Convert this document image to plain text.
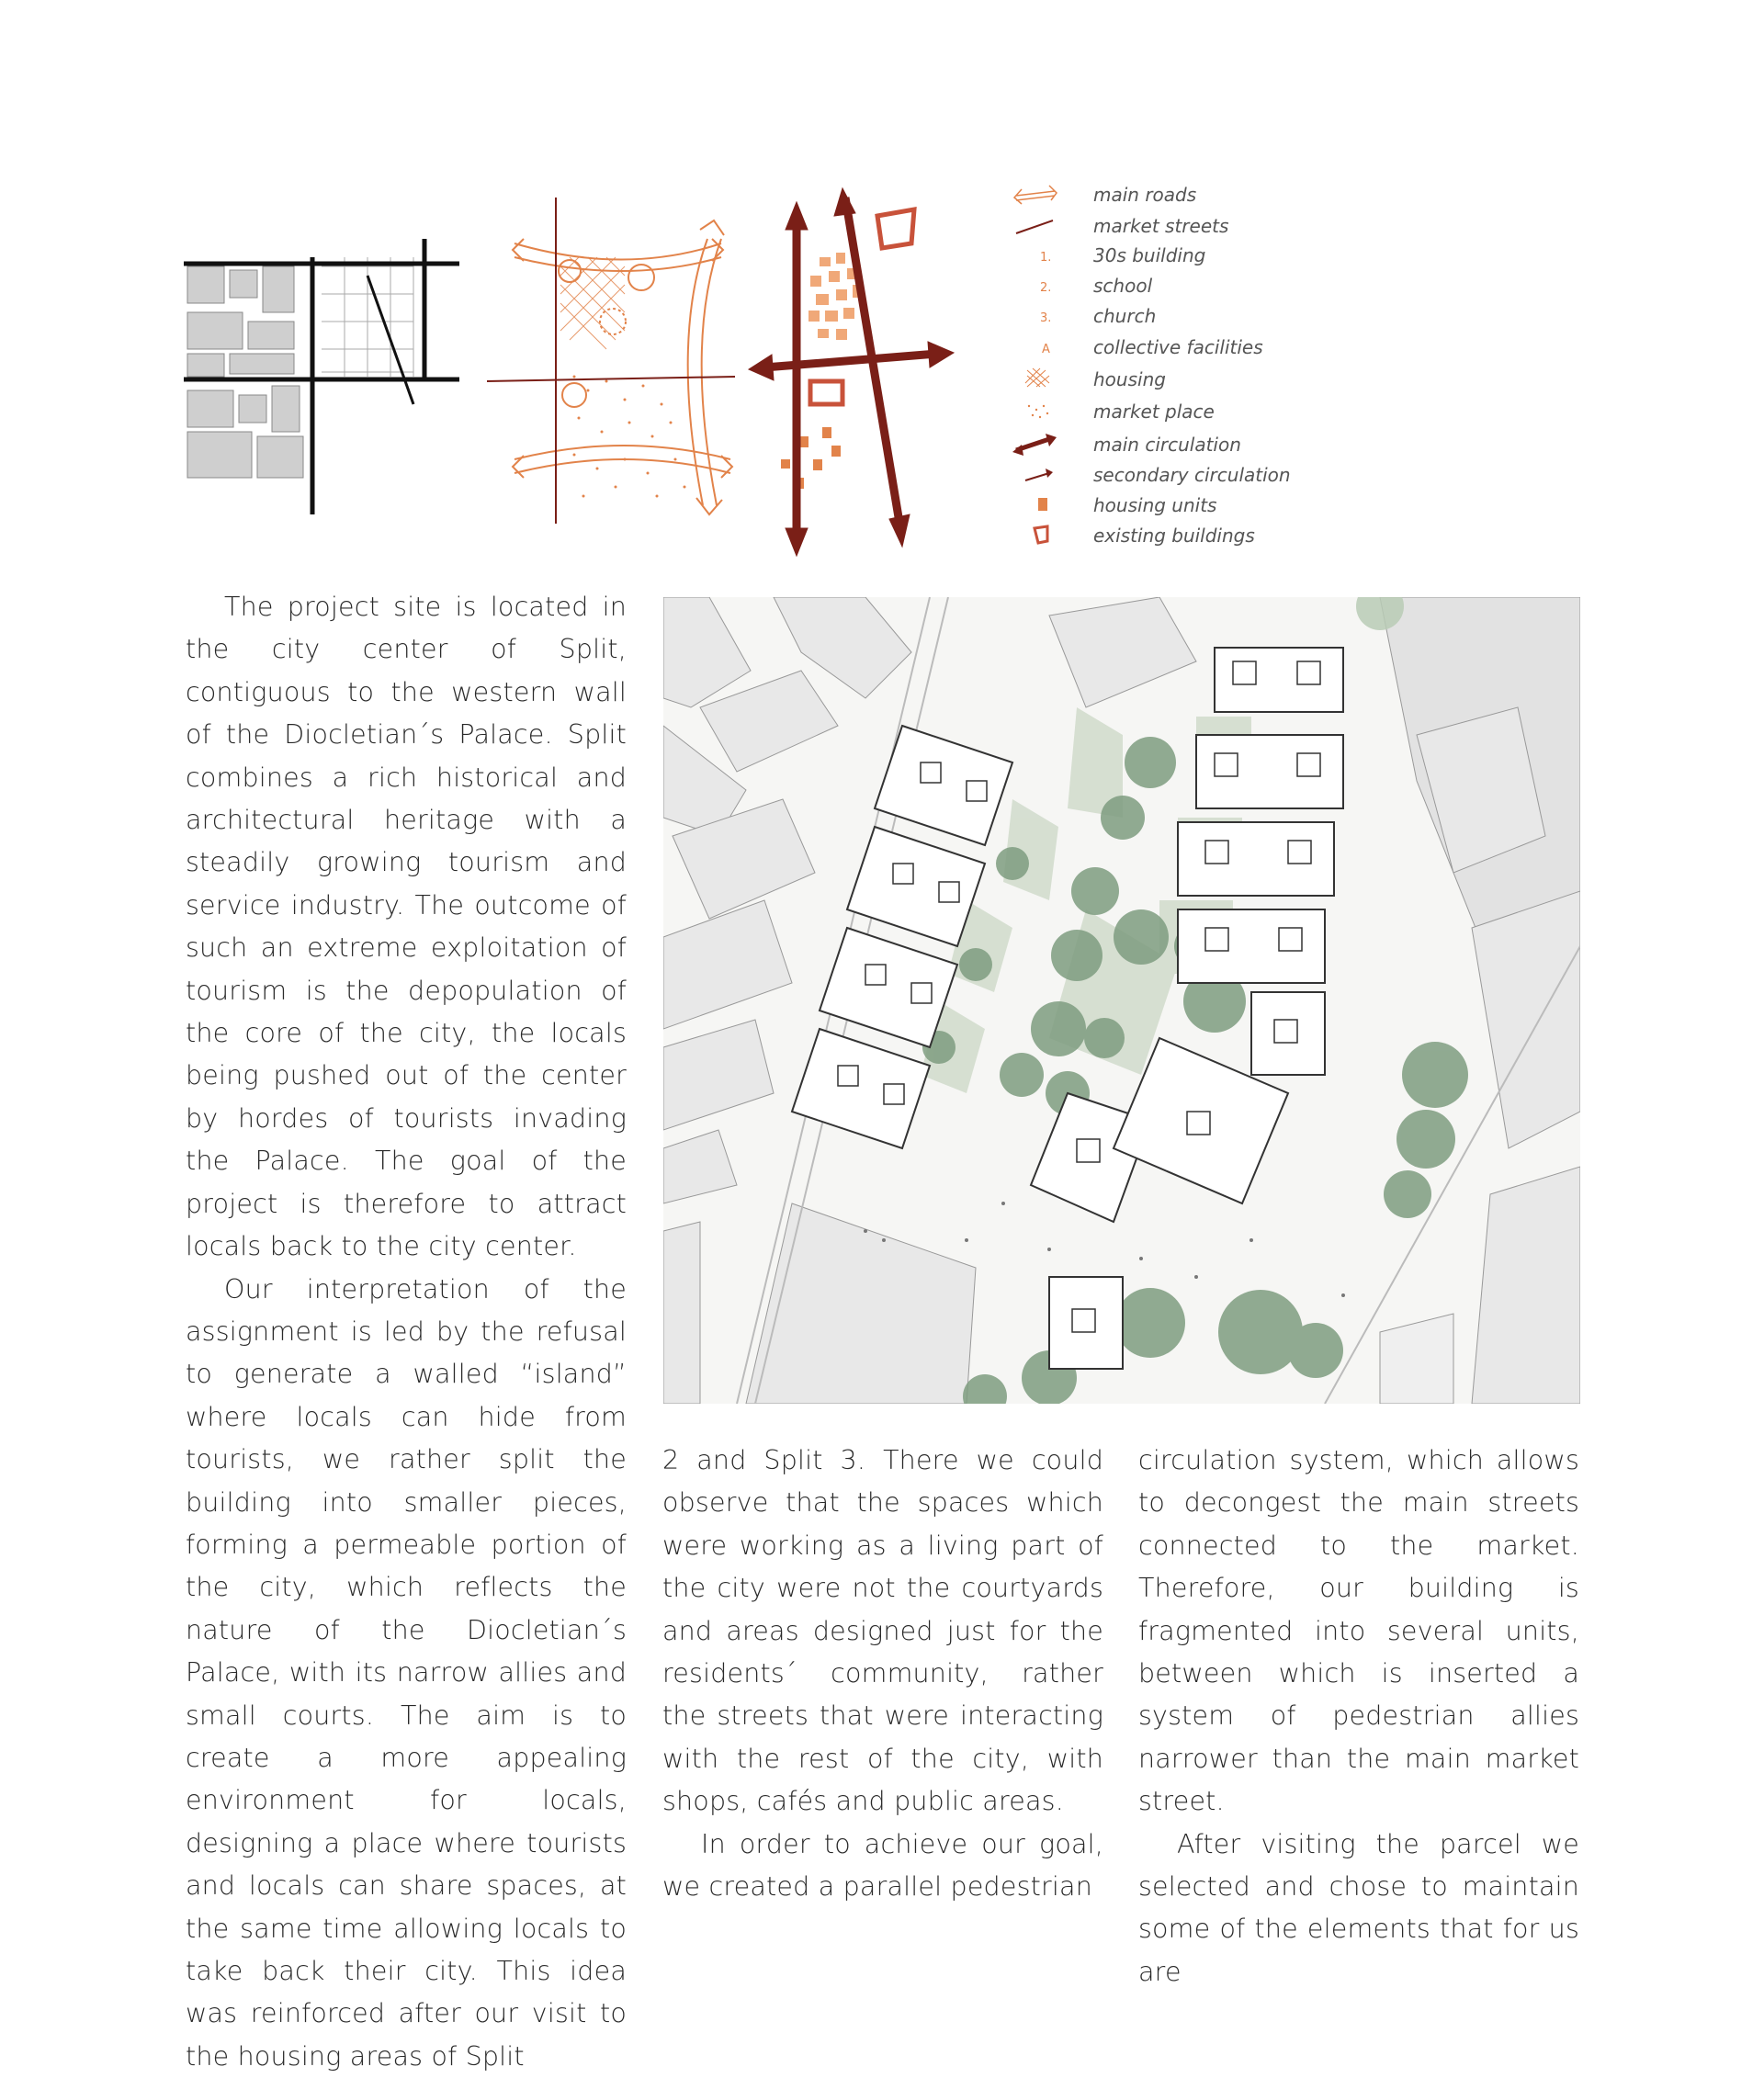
main roads
market streets
1. 30s building
2. school
3. church
A collective facilities
housing
market place
main circulation
secondary circulation
housing units
existing buildings

The project site is located in the city center of Split, contiguous to the western wall of the Diocletian´s Palace. Split combines a rich historical and architectural heritage with a steadily growing tourism and service industry. The outcome of such an extreme exploitation of tourism is the depopulation of the core of the city, the locals being pushed out of the center by hordes of tourists invading the Palace. The goal of the project is therefore to attract locals back to the city center.

Our interpretation of the assignment is led by the refusal to generate a walled “island” where locals can hide from tourists, we rather split the building into smaller pieces, forming a permeable portion of the city, which reflects the nature of the Diocletian´s Palace, with its narrow allies and small courts. The aim is to create a more appealing environment for locals, designing a place where tourists and locals can share spaces, at the same time allowing locals to take back their city. This idea was reinforced after our visit to the housing areas of Split

2 and Split 3. There we could observe that the spaces which were working as a living part of the city were not the courtyards and areas designed just for the residents´ community, rather the streets that were interacting with the rest of the city, with shops, cafés and public areas.

In order to achieve our goal, we created a parallel pedestrian

circulation system, which allows to decongest the main streets connected to the market. Therefore, our building is fragmented into several units, between which is inserted a system of pedestrian allies narrower than the main market street.

After visiting the parcel we selected and chose to maintain some of the elements that for us are
